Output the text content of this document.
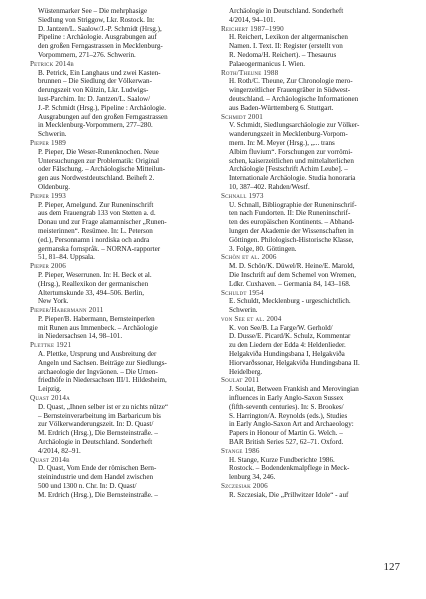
Wüstenmarker See – Die mehrphasige
Siedlung von Striggow, Lkr. Rostock. In:
D. Jantzen/L. Saalow/J.-P. Schmidt (Hrsg.),
Pipeline : Archäologie. Ausgrabungen auf
den großen Ferngastrassen in Mecklenburg-
Vorpommern, 271–276. Schwerin.
Petrick 2014b
B. Petrick, Ein Langhaus und zwei Kasten-
brunnen – Die Siedlung der Völkerwan-
derungszeit von Kützin, Lkr. Ludwigs-
lust-Parchim. In: D. Jantzen/L. Saalow/
J.-P. Schmidt (Hrsg.), Pipeline : Archäologie.
Ausgrabungen auf den großen Ferngastrassen
in Mecklenburg-Vorpommern, 277–280.
Schwerin.
Pieper 1989
P. Pieper, Die Weser-Runenknochen. Neue
Untersuchungen zur Problematik: Original
oder Fälschung. – Archäologische Mitteilun-
gen aus Nordwestdeutschland. Beiheft 2.
Oldenburg.
Pieper 1993
P. Pieper, Amelgund. Zur Runeninschrift
aus dem Frauengrab 133 von Stetten a. d.
Donau und zur Frage alamannischer „Runen-
meisterinnen“. Resümee. In: L. Peterson
(ed.), Personnamn i nordiska och andra
germanska fornspråk. – NORNA-rapporter
51, 81–84. Uppsala.
Pieper 2006
P. Pieper, Weserrunen. In: H. Beck et al.
(Hrsg.), Reallexikon der germanischen
Altertumskunde 33, 494–506. Berlin,
New York.
Pieper/Habermann 2011
P. Pieper/B. Habermann, Bernsteinperlen
mit Runen aus Immenbeck. – Archäologie
in Niedersachsen 14, 98–101.
Plettke 1921
A. Plettke, Ursprung und Ausbreitung der
Angeln und Sachsen. Beiträge zur Siedlungs-
archaeologie der Ingväonen. – Die Urnen-
friedhöfe in Niedersachsen III/1. Hildesheim,
Leipzig.
Quast 2014a
D. Quast, „Ihnen selber ist er zu nichts nütze“
– Bernsteinverarbeitung im Barbaricum bis
zur Völkerwanderungszeit. In: D. Quast/
M. Erdrich (Hrsg.), Die Bernsteinstraße. –
Archäologie in Deutschland. Sonderheft
4/2014, 82–91.
Quast 2014b
D. Quast, Vom Ende der römischen Bern-
steinindustrie und dem Handel zwischen
500 und 1300 n. Chr. In: D. Quast/
M. Erdrich (Hrsg.), Die Bernsteinstraße. –
Archäologie in Deutschland. Sonderheft
4/2014, 94–101.
Reichert 1987–1990
H. Reichert, Lexikon der altgermanischen
Namen. I. Text. II: Register (erstellt von
R. Nedoma/H. Reichert). – Thesaurus
Palaeogermanicus I. Wien.
Roth/Theune 1988
H. Roth/C. Theune, Zur Chronologie mero-
wingerzeitlicher Frauengräber in Südwest-
deutschland. – Archäologische Informationen
aus Baden-Württemberg 6. Stuttgart.
Schmidt 2001
V. Schmidt, Siedlungsarchäologie zur Völker-
wanderungszeit in Mecklenburg-Vorpom-
mern. In: M. Meyer (Hrsg.), „... trans
Albim fluvium“. Forschungen zur vorrömi-
schen, kaiserzeitlichen und mittelalterlichen
Archäologie [Festschrift Achim Leube]. –
Internationale Archäologie. Studia honoraria
10, 387–402. Rahden/Westf.
Schnall 1973
U. Schnall, Bibliographie der Runeninschrif-
ten nach Fundorten. II: Die Runeninschrif-
ten des europäischen Kontinents. – Abhand-
lungen der Akademie der Wissenschaften in
Göttingen. Philologisch-Historische Klasse,
3. Folge, 80. Göttingen.
Schön et al. 2006
M. D. Schön/K. Düwel/R. Heine/E. Marold,
Die Inschrift auf dem Schemel von Wremen,
Ldkr. Cuxhaven. – Germania 84, 143–168.
Schuldt 1954
E. Schuldt, Mecklenburg - urgeschichtlich.
Schwerin.
von See et al. 2004
K. von See/B. La Farge/W. Gerhold/
D. Dusse/E. Picard/K. Schulz, Kommentar
zu den Liedern der Edda 4: Heldenlieder.
Helgakviða Hundingsbana I, Helgakviða
Hiorvarðssonar, Helgakviða Hundingsbana II.
Heidelberg.
Soulat 2011
J. Soulat, Between Frankish and Merovingian
influences in Early Anglo-Saxon Sussex
(fifth-seventh centuries). In: S. Brookes/
S. Harrington/A. Reynolds (eds.), Studies
in Early Anglo-Saxon Art and Archaeology:
Papers in Honour of Martin G. Welch. –
BAR British Series 527, 62–71. Oxford.
Stange 1986
H. Stange, Kurze Fundberichte 1986.
Rostock. – Bodendenkmalpflege in Meck-
lenburg 34, 246.
Szczesiak 2006
R. Szczesiak, Die „Prillwitzer Idole“ - auf
127
